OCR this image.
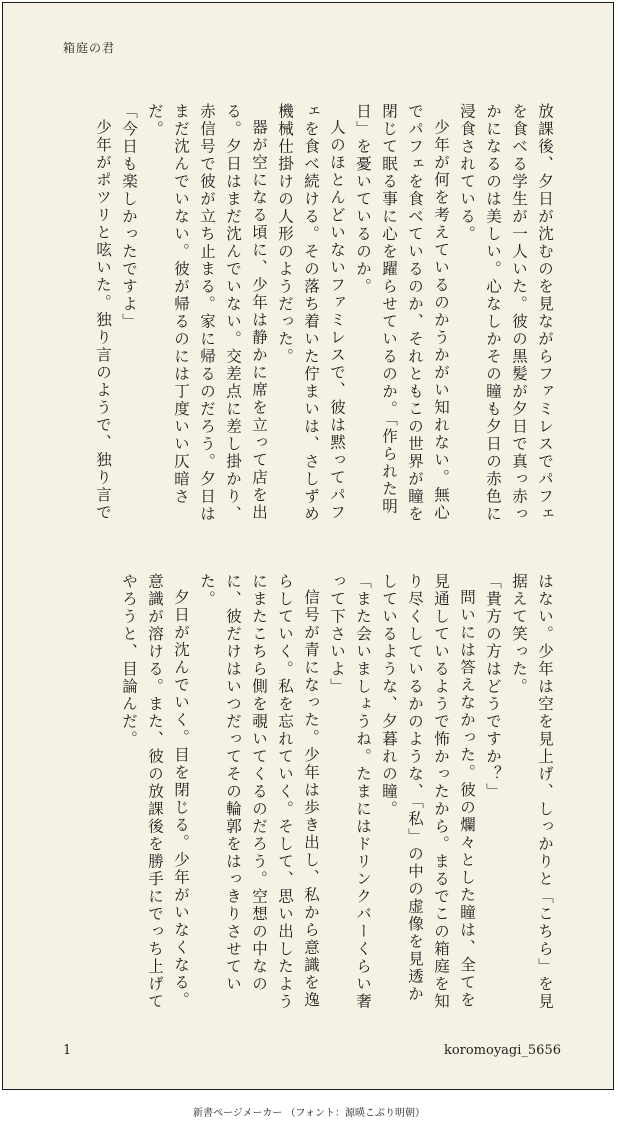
箱庭の君

放課後、夕日が沈むのを見ながらファミレスでパフェを食べる学生が一人いた。彼の黒髪が夕日で真っ赤っかになるのは美しい。心なしかその瞳も夕日の赤色に浸食されている。

少年が何を考えているのかうかがい知れない。無心でパフェを食べているのか、それともこの世界が瞳を閉じて眠る事に心を躍らせているのか。「作られた明日」を憂いているのか。

人のほとんどいないファミレスで、彼は黙ってパフェを食べ続ける。その落ち着いた佇まいは、さしずめ機械仕掛けの人形のようだった。

器が空になる頃に、少年は静かに席を立って店を出る。夕日はまだ沈んでいない。交差点に差し掛かり、赤信号で彼が立ち止まる。家に帰るのだろう。夕日はまだ沈んでいない。彼が帰るのには丁度いい仄暗さだ。

「今日も楽しかったですよ」

少年がポツリと呟いた。独り言のようで、独り言で

はない。少年は空を見上げ、しっかりと「こちら」を見据えて笑った。

「貴方の方はどうですか？」

問いには答えなかった。彼の爛々とした瞳は、全てを見通しているようで怖かったから。まるでこの箱庭を知り尽くしているかのような、「私」の中の虚像を見透かしているような、夕暮れの瞳。

「また会いましょうね。たまにはドリンクバーくらい奢って下さいよ」

信号が青になった。少年は歩き出し、私から意識を逸らしていく。私を忘れていく。そして、思い出したようにまたこちら側を覗いてくるのだろう。空想の中なのに、彼だけはいつだってその輪郭をはっきりさせていた。

夕日が沈んでいく。目を閉じる。少年がいなくなる。意識が溶ける。また、彼の放課後を勝手にでっち上げてやろうと、目論んだ。

1	koromoyagi_5656
新書ページメーカー （フォント：源暎こぶり明朝）
